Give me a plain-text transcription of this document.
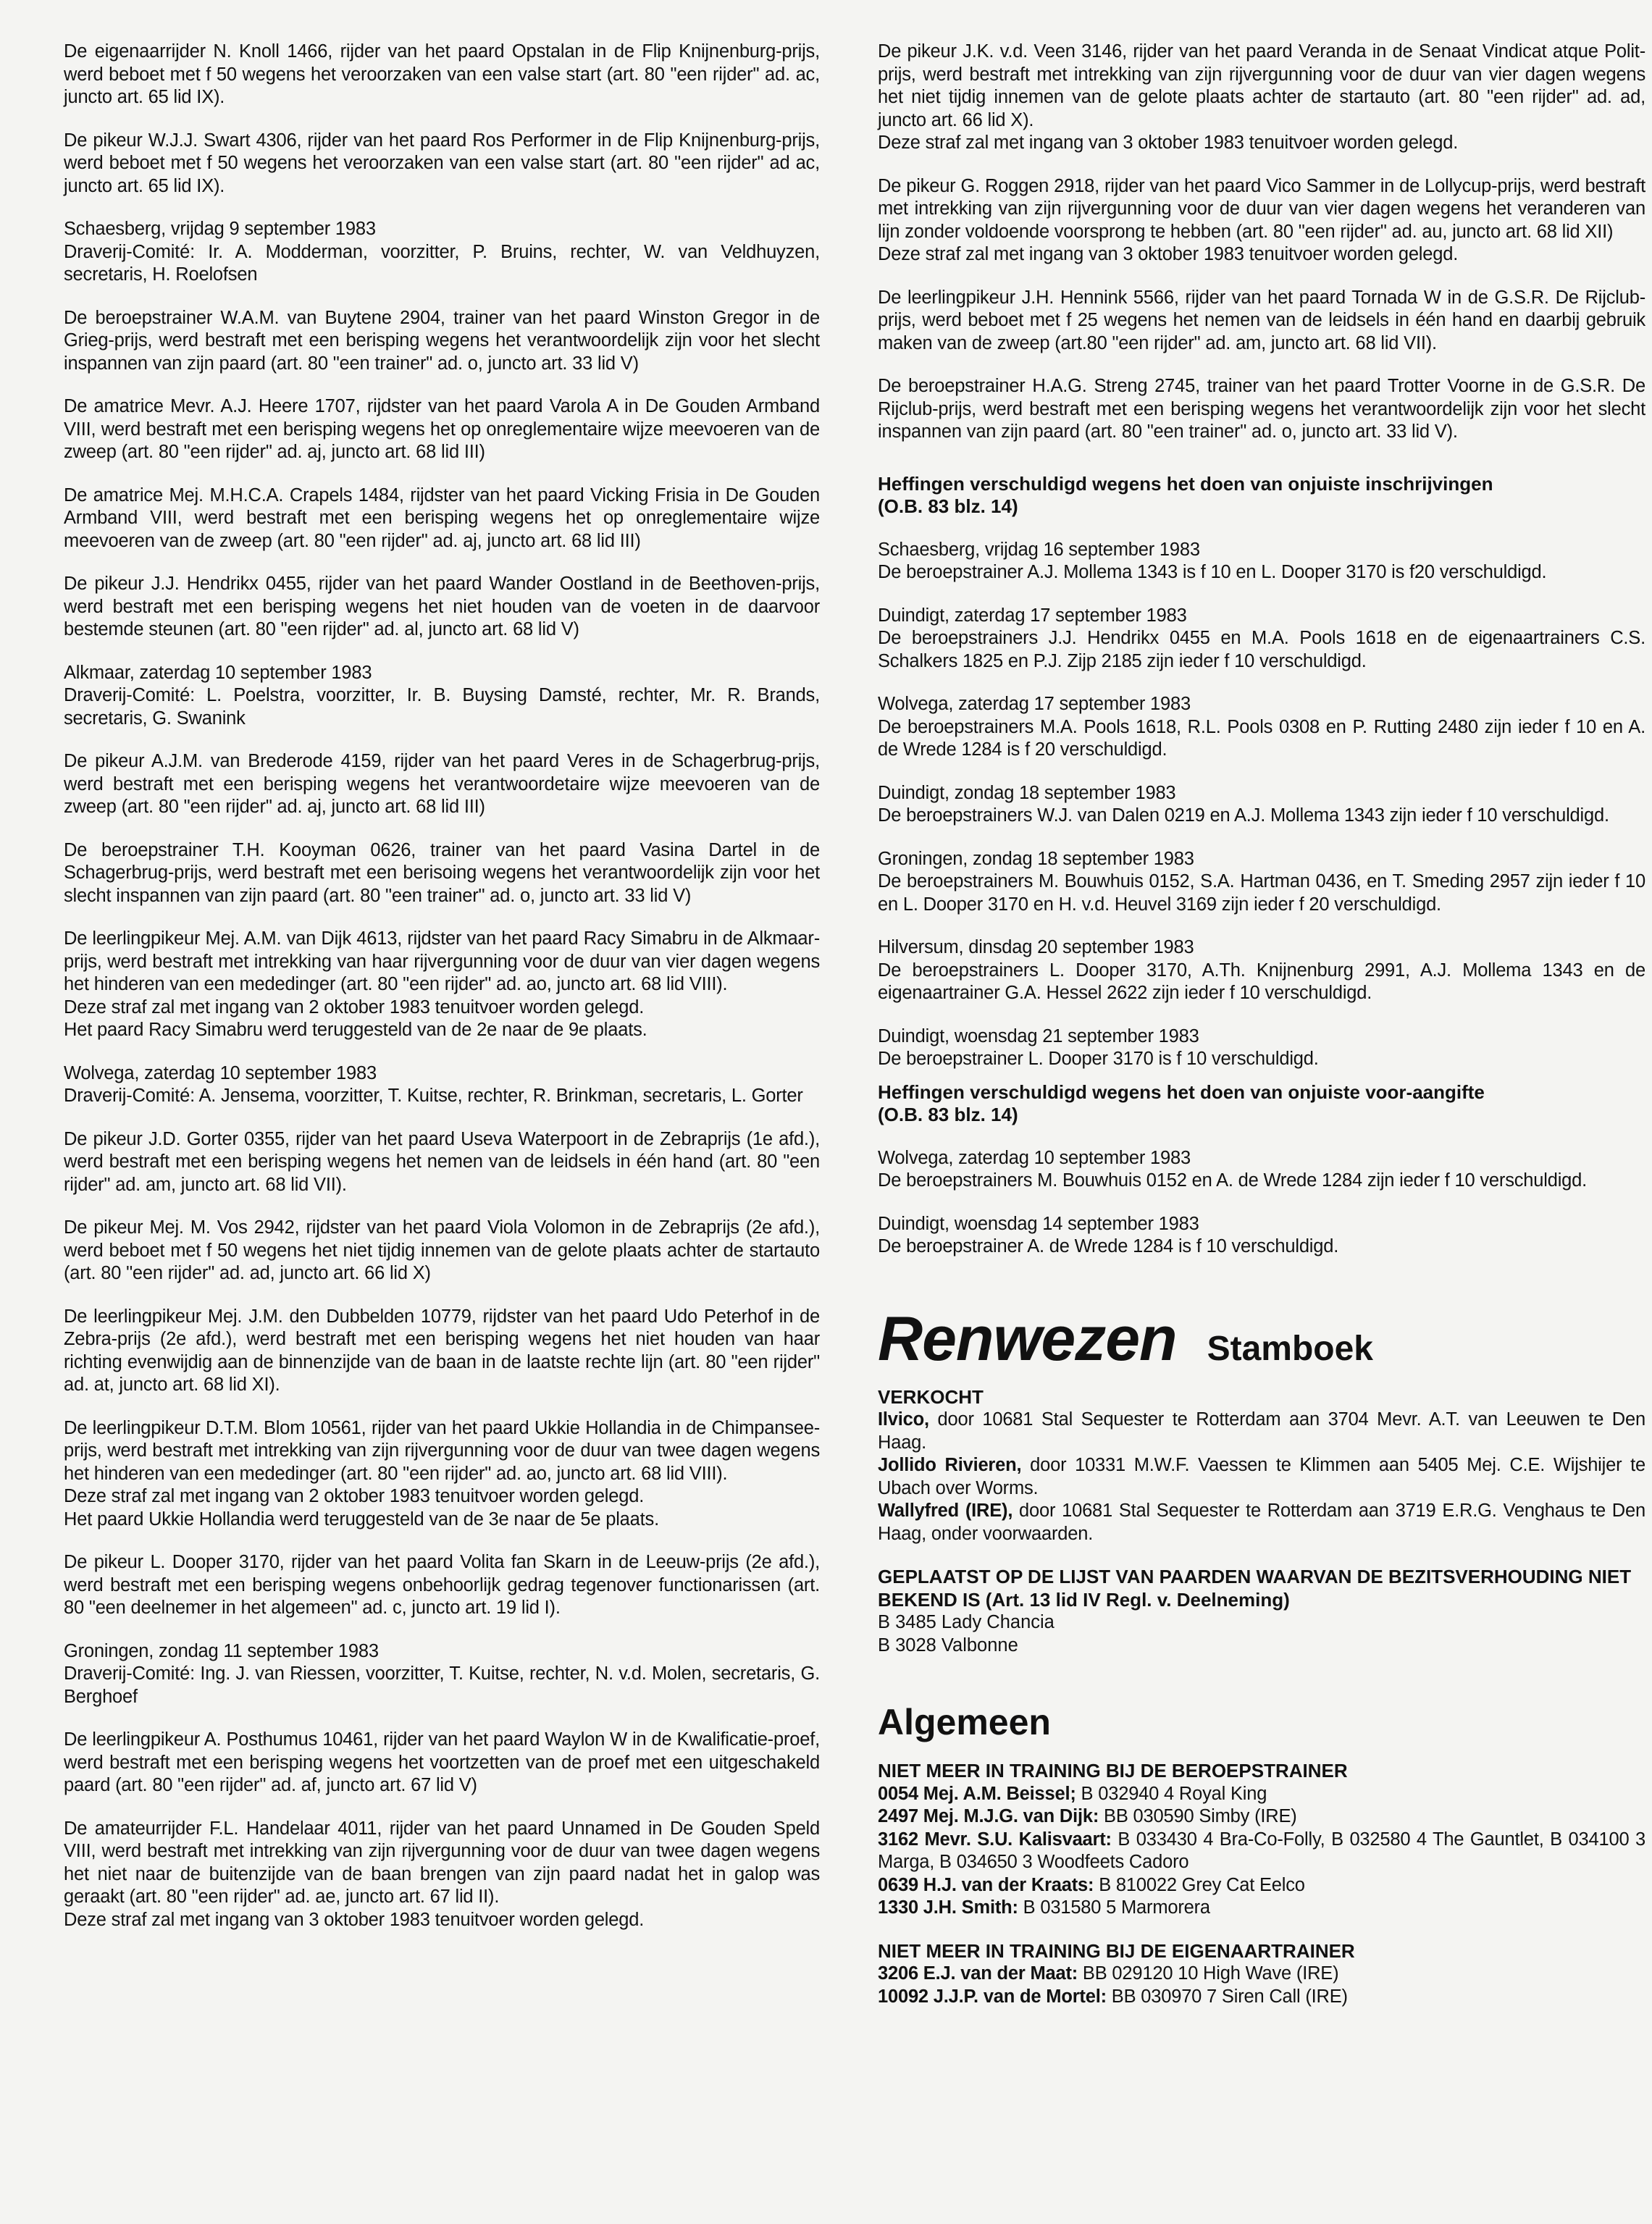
De eigenaarrijder N. Knoll 1466, rijder van het paard Opstalan in de Flip Knijnenburg-prijs, werd beboet met f 50 wegens het veroorzaken van een valse start (art. 80 "een rijder" ad. ac, juncto art. 65 lid IX).

De pikeur W.J.J. Swart 4306, rijder van het paard Ros Performer in de Flip Knijnenburg-prijs, werd beboet met f 50 wegens het veroorzaken van een valse start (art. 80 "een rijder" ad ac, juncto art. 65 lid IX).

Schaesberg, vrijdag 9 september 1983
Draverij-Comité: Ir. A. Modderman, voorzitter, P. Bruins, rechter, W. van Veldhuyzen, secretaris, H. Roelofsen

De beroepstrainer W.A.M. van Buytene 2904, trainer van het paard Winston Gregor in de Grieg-prijs, werd bestraft met een berisping wegens het verantwoordelijk zijn voor het slecht inspannen van zijn paard (art. 80 "een trainer" ad. o, juncto art. 33 lid V)

De amatrice Mevr. A.J. Heere 1707, rijdster van het paard Varola A in De Gouden Armband VIII, werd bestraft met een berisping wegens het op onreglementaire wijze meevoeren van de zweep (art. 80 "een rijder" ad. aj, juncto art. 68 lid III)

De amatrice Mej. M.H.C.A. Crapels 1484, rijdster van het paard Vicking Frisia in De Gouden Armband VIII, werd bestraft met een berisping wegens het op onreglementaire wijze meevoeren van de zweep (art. 80 "een rijder" ad. aj, juncto art. 68 lid III)

De pikeur J.J. Hendrikx 0455, rijder van het paard Wander Oostland in de Beethoven-prijs, werd bestraft met een berisping wegens het niet houden van de voeten in de daarvoor bestemde steunen (art. 80 "een rijder" ad. al, juncto art. 68 lid V)

Alkmaar, zaterdag 10 september 1983
Draverij-Comité: L. Poelstra, voorzitter, Ir. B. Buysing Damsté, rechter, Mr. R. Brands, secretaris, G. Swanink

De pikeur A.J.M. van Brederode 4159, rijder van het paard Veres in de Schagerbrug-prijs, werd bestraft met een berisping wegens het verantwoordetaire wijze meevoeren van de zweep (art. 80 "een rijder" ad. aj, juncto art. 68 lid III)

De beroepstrainer T.H. Kooyman 0626, trainer van het paard Vasina Dartel in de Schagerbrug-prijs, werd bestraft met een berisoing wegens het verantwoordelijk zijn voor het slecht inspannen van zijn paard (art. 80 "een trainer" ad. o, juncto art. 33 lid V)

De leerlingpikeur Mej. A.M. van Dijk 4613, rijdster van het paard Racy Simabru in de Alkmaar-prijs, werd bestraft met intrekking van haar rijvergunning voor de duur van vier dagen wegens het hinderen van een mededinger (art. 80 "een rijder" ad. ao, juncto art. 68 lid VIII).
Deze straf zal met ingang van 2 oktober 1983 tenuitvoer worden gelegd.
Het paard Racy Simabru werd teruggesteld van de 2e naar de 9e plaats.

Wolvega, zaterdag 10 september 1983
Draverij-Comité: A. Jensema, voorzitter, T. Kuitse, rechter, R. Brinkman, secretaris, L. Gorter

De pikeur J.D. Gorter 0355, rijder van het paard Useva Waterpoort in de Zebraprijs (1e afd.), werd bestraft met een berisping wegens het nemen van de leidsels in één hand (art. 80 "een rijder" ad. am, juncto art. 68 lid VII).

De pikeur Mej. M. Vos 2942, rijdster van het paard Viola Volomon in de Zebraprijs (2e afd.), werd beboet met f 50 wegens het niet tijdig innemen van de gelote plaats achter de startauto (art. 80 "een rijder" ad. ad, juncto art. 66 lid X)

De leerlingpikeur Mej. J.M. den Dubbelden 10779, rijdster van het paard Udo Peterhof in de Zebra-prijs (2e afd.), werd bestraft met een berisping wegens het niet houden van haar richting evenwijdig aan de binnenzijde van de baan in de laatste rechte lijn (art. 80 "een rijder" ad. at, juncto art. 68 lid XI).

De leerlingpikeur D.T.M. Blom 10561, rijder van het paard Ukkie Hollandia in de Chimpansee-prijs, werd bestraft met intrekking van zijn rijvergunning voor de duur van twee dagen wegens het hinderen van een mededinger (art. 80 "een rijder" ad. ao, juncto art. 68 lid VIII).
Deze straf zal met ingang van 2 oktober 1983 tenuitvoer worden gelegd.
Het paard Ukkie Hollandia werd teruggesteld van de 3e naar de 5e plaats.

De pikeur L. Dooper 3170, rijder van het paard Volita fan Skarn in de Leeuw-prijs (2e afd.), werd bestraft met een berisping wegens onbehoorlijk gedrag tegenover functionarissen (art. 80 "een deelnemer in het algemeen" ad. c, juncto art. 19 lid I).

Groningen, zondag 11 september 1983
Draverij-Comité: Ing. J. van Riessen, voorzitter, T. Kuitse, rechter, N. v.d. Molen, secretaris, G. Berghoef

De leerlingpikeur A. Posthumus 10461, rijder van het paard Waylon W in de Kwalificatie-proef, werd bestraft met een berisping wegens het voortzetten van de proef met een uitgeschakeld paard (art. 80 "een rijder" ad. af, juncto art. 67 lid V)

De amateurrijder F.L. Handelaar 4011, rijder van het paard Unnamed in De Gouden Speld VIII, werd bestraft met intrekking van zijn rijvergunning voor de duur van twee dagen wegens het niet naar de buitenzijde van de baan brengen van zijn paard nadat het in galop was geraakt (art. 80 "een rijder" ad. ae, juncto art. 67 lid II).
Deze straf zal met ingang van 3 oktober 1983 tenuitvoer worden gelegd.

De pikeur J.K. v.d. Veen 3146, rijder van het paard Veranda in de Senaat Vindicat atque Polit-prijs, werd bestraft met intrekking van zijn rijvergunning voor de duur van vier dagen wegens het niet tijdig innemen van de gelote plaats achter de startauto (art. 80 "een rijder" ad. ad, juncto art. 66 lid X).
Deze straf zal met ingang van 3 oktober 1983 tenuitvoer worden gelegd.

De pikeur G. Roggen 2918, rijder van het paard Vico Sammer in de Lollycup-prijs, werd bestraft met intrekking van zijn rijvergunning voor de duur van vier dagen wegens het veranderen van lijn zonder voldoende voorsprong te hebben (art. 80 "een rijder" ad. au, juncto art. 68 lid XII)
Deze straf zal met ingang van 3 oktober 1983 tenuitvoer worden gelegd.

De leerlingpikeur J.H. Hennink 5566, rijder van het paard Tornada W in de G.S.R. De Rijclub-prijs, werd beboet met f 25 wegens het nemen van de leidsels in één hand en daarbij gebruik maken van de zweep (art.80 "een rijder" ad. am, juncto art. 68 lid VII).

De beroepstrainer H.A.G. Streng 2745, trainer van het paard Trotter Voorne in de G.S.R. De Rijclub-prijs, werd bestraft met een berisping wegens het verantwoordelijk zijn voor het slecht inspannen van zijn paard (art. 80 "een trainer" ad. o, juncto art. 33 lid V).

Heffingen verschuldigd wegens het doen van onjuiste inschrijvingen
(O.B. 83 blz. 14)

Schaesberg, vrijdag 16 september 1983
De beroepstrainer A.J. Mollema 1343 is f 10 en L. Dooper 3170 is f20 verschuldigd.

Duindigt, zaterdag 17 september 1983
De beroepstrainers J.J. Hendrikx 0455 en M.A. Pools 1618 en de eigenaartrainers C.S. Schalkers 1825 en P.J. Zijp 2185 zijn ieder f 10 verschuldigd.

Wolvega, zaterdag 17 september 1983
De beroepstrainers M.A. Pools 1618, R.L. Pools 0308 en P. Rutting 2480 zijn ieder f 10 en A. de Wrede 1284 is f 20 verschuldigd.

Duindigt, zondag 18 september 1983
De beroepstrainers W.J. van Dalen 0219 en A.J. Mollema 1343 zijn ieder f 10 verschuldigd.

Groningen, zondag 18 september 1983
De beroepstrainers M. Bouwhuis 0152, S.A. Hartman 0436, en T. Smeding 2957 zijn ieder f 10 en L. Dooper 3170 en H. v.d. Heuvel 3169 zijn ieder f 20 verschuldigd.

Hilversum, dinsdag 20 september 1983
De beroepstrainers L. Dooper 3170, A.Th. Knijnenburg 2991, A.J. Mollema 1343 en de eigenaartrainer G.A. Hessel 2622 zijn ieder f 10 verschuldigd.

Duindigt, woensdag 21 september 1983
De beroepstrainer L. Dooper 3170 is f 10 verschuldigd.

Heffingen verschuldigd wegens het doen van onjuiste voor-aangifte
(O.B. 83 blz. 14)

Wolvega, zaterdag 10 september 1983
De beroepstrainers M. Bouwhuis 0152 en A. de Wrede 1284 zijn ieder f 10 verschuldigd.

Duindigt, woensdag 14 september 1983
De beroepstrainer A. de Wrede 1284 is f 10 verschuldigd.

Renwezen Stamboek
VERKOCHT
Ilvico, door 10681 Stal Sequester te Rotterdam aan 3704 Mevr. A.T. van Leeuwen te Den Haag.
Jollido Rivieren, door 10331 M.W.F. Vaessen te Klimmen aan 5405 Mej. C.E. Wijshijer te Ubach over Worms.
Wallyfred (IRE), door 10681 Stal Sequester te Rotterdam aan 3719 E.R.G. Venghaus te Den Haag, onder voorwaarden.
GEPLAATST OP DE LIJST VAN PAARDEN WAARVAN DE BEZITSVERHOUDING NIET BEKEND IS (Art. 13 lid IV Regl. v. Deelneming)
B 3485 Lady Chancia
B 3028 Valbonne
Algemeen
NIET MEER IN TRAINING BIJ DE BEROEPSTRAINER
0054 Mej. A.M. Beissel; B 032940 4 Royal King
2497 Mej. M.J.G. van Dijk: BB 030590 Simby (IRE)
3162 Mevr. S.U. Kalisvaart: B 033430 4 Bra-Co-Folly, B 032580 4 The Gauntlet, B 034100 3 Marga, B 034650 3 Woodfeets Cadoro
0639 H.J. van der Kraats: B 810022 Grey Cat Eelco
1330 J.H. Smith: B 031580 5 Marmorera
NIET MEER IN TRAINING BIJ DE EIGENAARTRAINER
3206 E.J. van der Maat: BB 029120 10 High Wave (IRE)
10092 J.J.P. van de Mortel: BB 030970 7 Siren Call (IRE)
